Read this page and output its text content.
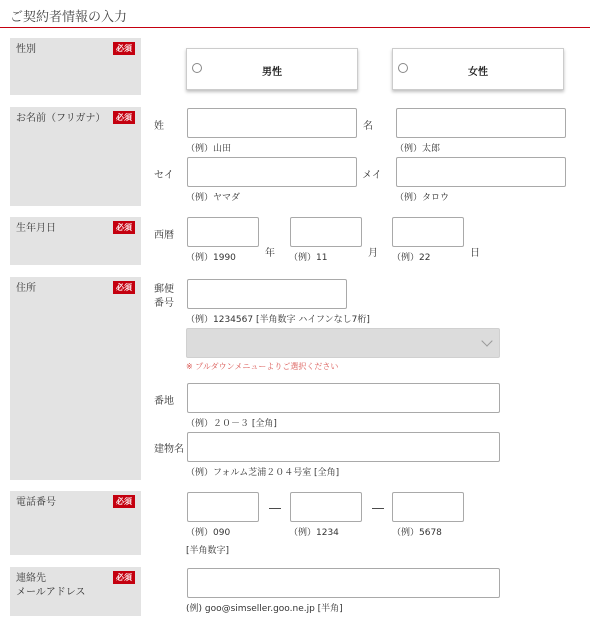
ご契約者情報の入力
性別	必須
男性	女性
お名前（フリガナ）	必須
姓	名
（例）山田	（例）太郎
セイ	メイ
（例）ヤマダ	（例）タロウ
生年月日	必須
西暦
年	月	日
（例）1990	（例）11	（例）22
住所	必須	郵便
番号
（例）1234567 [半角数字 ハイフンなし7桁]
※ プルダウンメニューよりご選択ください
番地
（例）２０－３ [全角]
建物名
（例）フォルム芝浦２０４号室 [全角]
電話番号	必須	―	―
（例）090	（例）1234	（例）5678
[半角数字]
連絡先
メールアドレス
必須
(例) goo@simseller.goo.ne.jp [半角]
